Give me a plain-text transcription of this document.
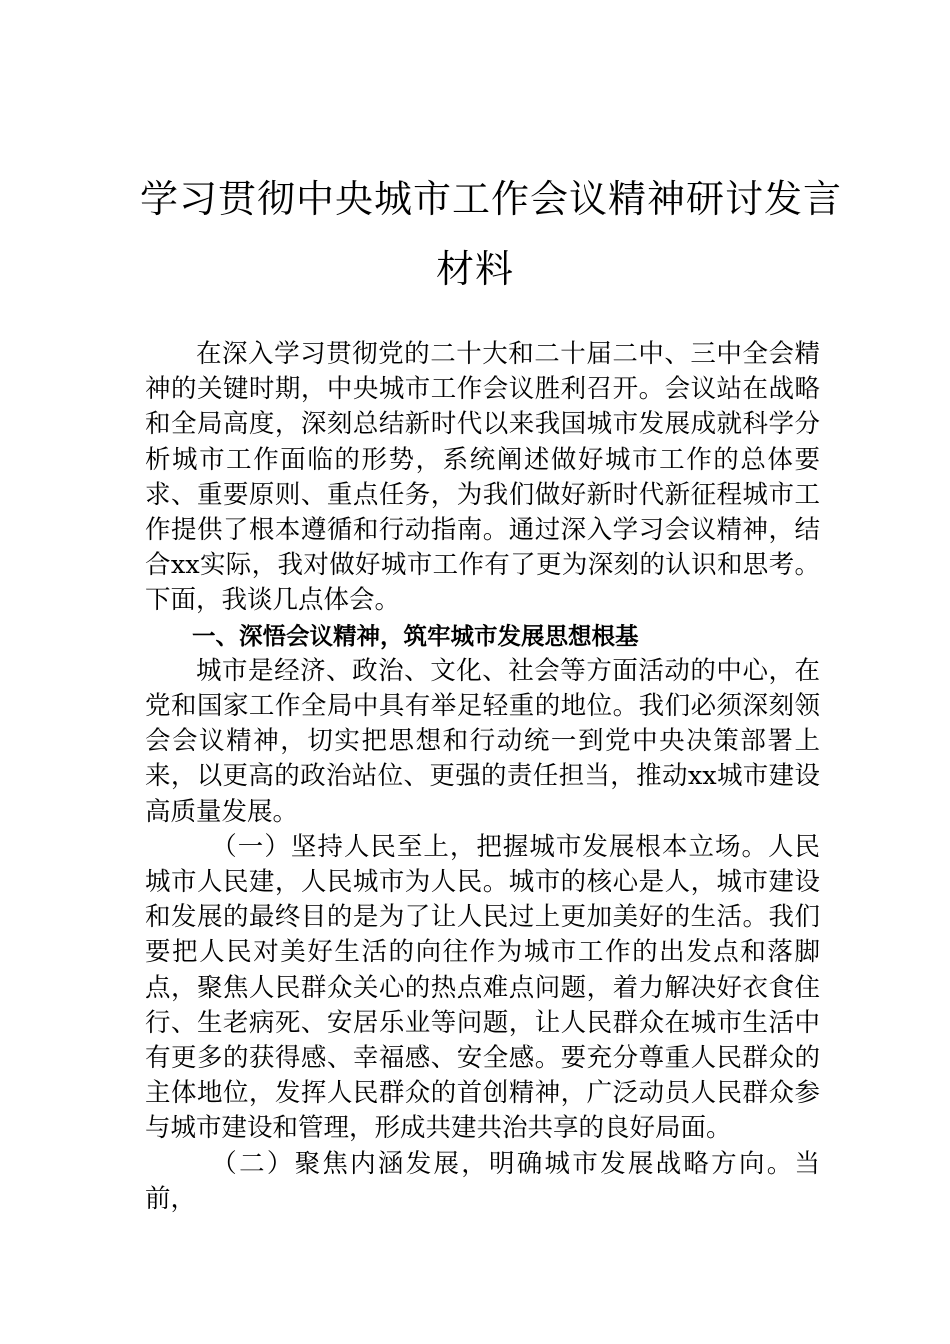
学习贯彻中央城市工作会议精神研讨发言
材料

在深入学习贯彻党的二十大和二十届二中、三中全会精神的关键时期，中央城市工作会议胜利召开。会议站在战略和全局高度，深刻总结新时代以来我国城市发展成就科学分析城市工作面临的形势，系统阐述做好城市工作的总体要求、重要原则、重点任务，为我们做好新时代新征程城市工作提供了根本遵循和行动指南。通过深入学习会议精神，结合xx实际，我对做好城市工作有了更为深刻的认识和思考。下面，我谈几点体会。

一、深悟会议精神，筑牢城市发展思想根基

城市是经济、政治、文化、社会等方面活动的中心，在党和国家工作全局中具有举足轻重的地位。我们必须深刻领会会议精神，切实把思想和行动统一到党中央决策部署上来，以更高的政治站位、更强的责任担当，推动xx城市建设高质量发展。

（一）坚持人民至上，把握城市发展根本立场。人民城市人民建，人民城市为人民。城市的核心是人，城市建设和发展的最终目的是为了让人民过上更加美好的生活。我们要把人民对美好生活的向往作为城市工作的出发点和落脚点，聚焦人民群众关心的热点难点问题，着力解决好衣食住行、生老病死、安居乐业等问题，让人民群众在城市生活中有更多的获得感、幸福感、安全感。要充分尊重人民群众的主体地位，发挥人民群众的首创精神，广泛动员人民群众参与城市建设和管理，形成共建共治共享的良好局面。

（二）聚焦内涵发展，明确城市发展战略方向。当前，
